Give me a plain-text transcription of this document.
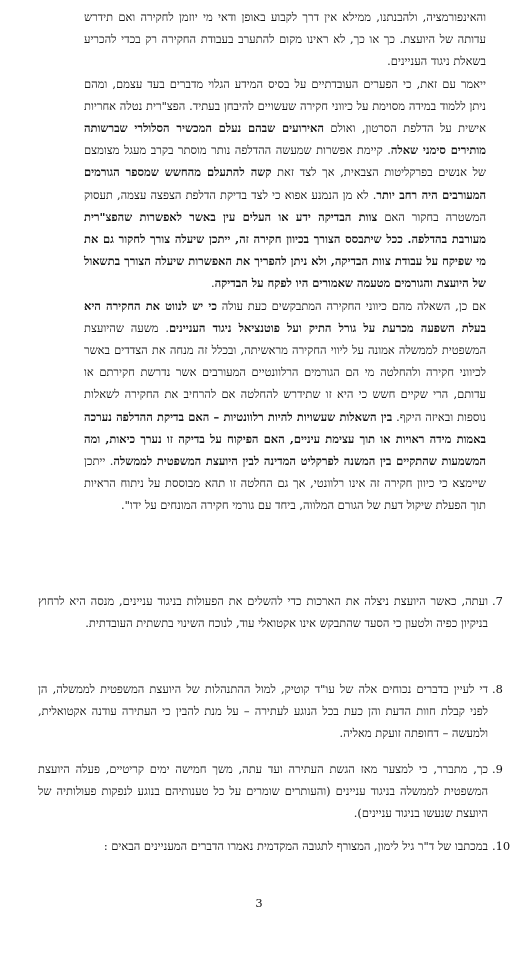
והאינפורמציה, ולהבנתנו, ממילא אין דרך לקבוע באופן ודאי מי יוזמן לחקירה ואם תידרש עדותה של היועצת. כך או כך, לא ראינו מקום להתערב בעבודת החקירה רק בכדי להכריע בשאלת ניגוד העניינים.

ייאמר עם זאת, כי הפערים העובדתיים על בסיס המידע הגלוי מדברים בעד עצמם, ומהם ניתן ללמוד במידה מסוימת על כיווני חקירה שעשויים להיבחן בעתיד. הפצ"רית נטלה אחריות אישית על הדלפת הסרטון, ואולם האירועים שבהם נעלם המכשיר הסלולרי שברשותה מותירים סימני שאלה. קיימת אפשרות שמעשה ההדלפה נותר מוסתר בקרב מעגל מצומצם של אנשים בפרקליטות הצבאית, אך לצד זאת קשה להתעלם מהחשש שמספר הגורמים המעורבים היה רחב יותר. לא מן הנמנע אפוא כי לצד בדיקת הדלפת הצפצה עצמה, תעסוק המשטרה בחקור האם צוות הבדיקה ידע או העלים עין באשר לאפשרות שהפצ"רית מעורבת בהדלפה. ככל שיתבסס הצורך בכיוון חקירה זה, ייתכן שיעלה צורך לחקור גם את מי שפיקח על עבודת צוות הבדיקה, ולא ניתן להפריך את האפשרות שיעלה הצורך בתשאול של היועצת והגורמים מטעמה שאמורים היו לפקח על הבדיקה.

אם כן, השאלה מהם כיווני החקירה המתבקשים כעת עולה כי יש לנווט את החקירה היא בעלת השפעה מכרעת על גורל התיק ועל פוטנציאל ניגוד העניינים. משעה שהיועצת המשפטית לממשלה אמונה על ליווי החקירה מראשיתה, ובכלל זה מנחה את הצדדים באשר לכיווני חקירה ולהחלטה מי הם הגורמים הרלוונטיים המעורבים אשר נדרשת חקירתם או עדותם, הרי שקיים חשש כי היא זו שתידרש להחלטה אם להרחיב את החקירה לשאלות נוספות ובאיזה היקף. בין השאלות שעשויות להיות רלוונטיות – האם בדיקת ההדלפה נערכה באמות מידה ראויות או תוך עצימת עיניים, האם הפיקוח על בדיקה זו נערך כיאות, ומה המשמעות שהתקיים בין המשנה לפרקליט המדינה לבין היועצת המשפטית לממשלה. ייתכן שיימצא כי כיוון חקירה זה אינו רלוונטי, אך גם החלטה זו תהא מבוססת על ניתוח הראיות תוך הפעלת שיקול דעת של הגורם המלווה, ביחד עם גורמי חקירה המונחים על ידו".

7.
ועתה, כאשר היועצת ניצלה את הארכות כדי להשלים את הפעולות בניגוד עניינים, מנסה היא לרחוץ בניקיון כפיה ולטעון כי הסעד שהתבקש אינו אקטואלי עוד, לנוכח השינוי בתשתית העובדתית.
8.
די לעיין בדברים נכוחים אלה של עו"ד קוטיק, למול ההתנהלות של היועצת המשפטית לממשלה, הן לפני קבלת חוות הדעת והן כעת בכל הנוגע לעתירה – על מנת להבין כי העתירה עודנה אקטואלית, ולמעשה – דחופתה זועקת מאליה.
9.
כך, מתברר, כי למצער מאז הגשת העתירה ועד עתה, משך חמישה ימים קריטיים, פעלה היועצת המשפטית לממשלה בניגוד עניינים (והעותרים שומרים על כל טענותיהם בנוגע לנפקות פעולותיה של היועצת שנעשו בניגוד עניינים).
10.
במכתבו של ד"ר גיל לימון, המצורף לתגובה המקדמית נאמרו הדברים המעניינים הבאים :
3
